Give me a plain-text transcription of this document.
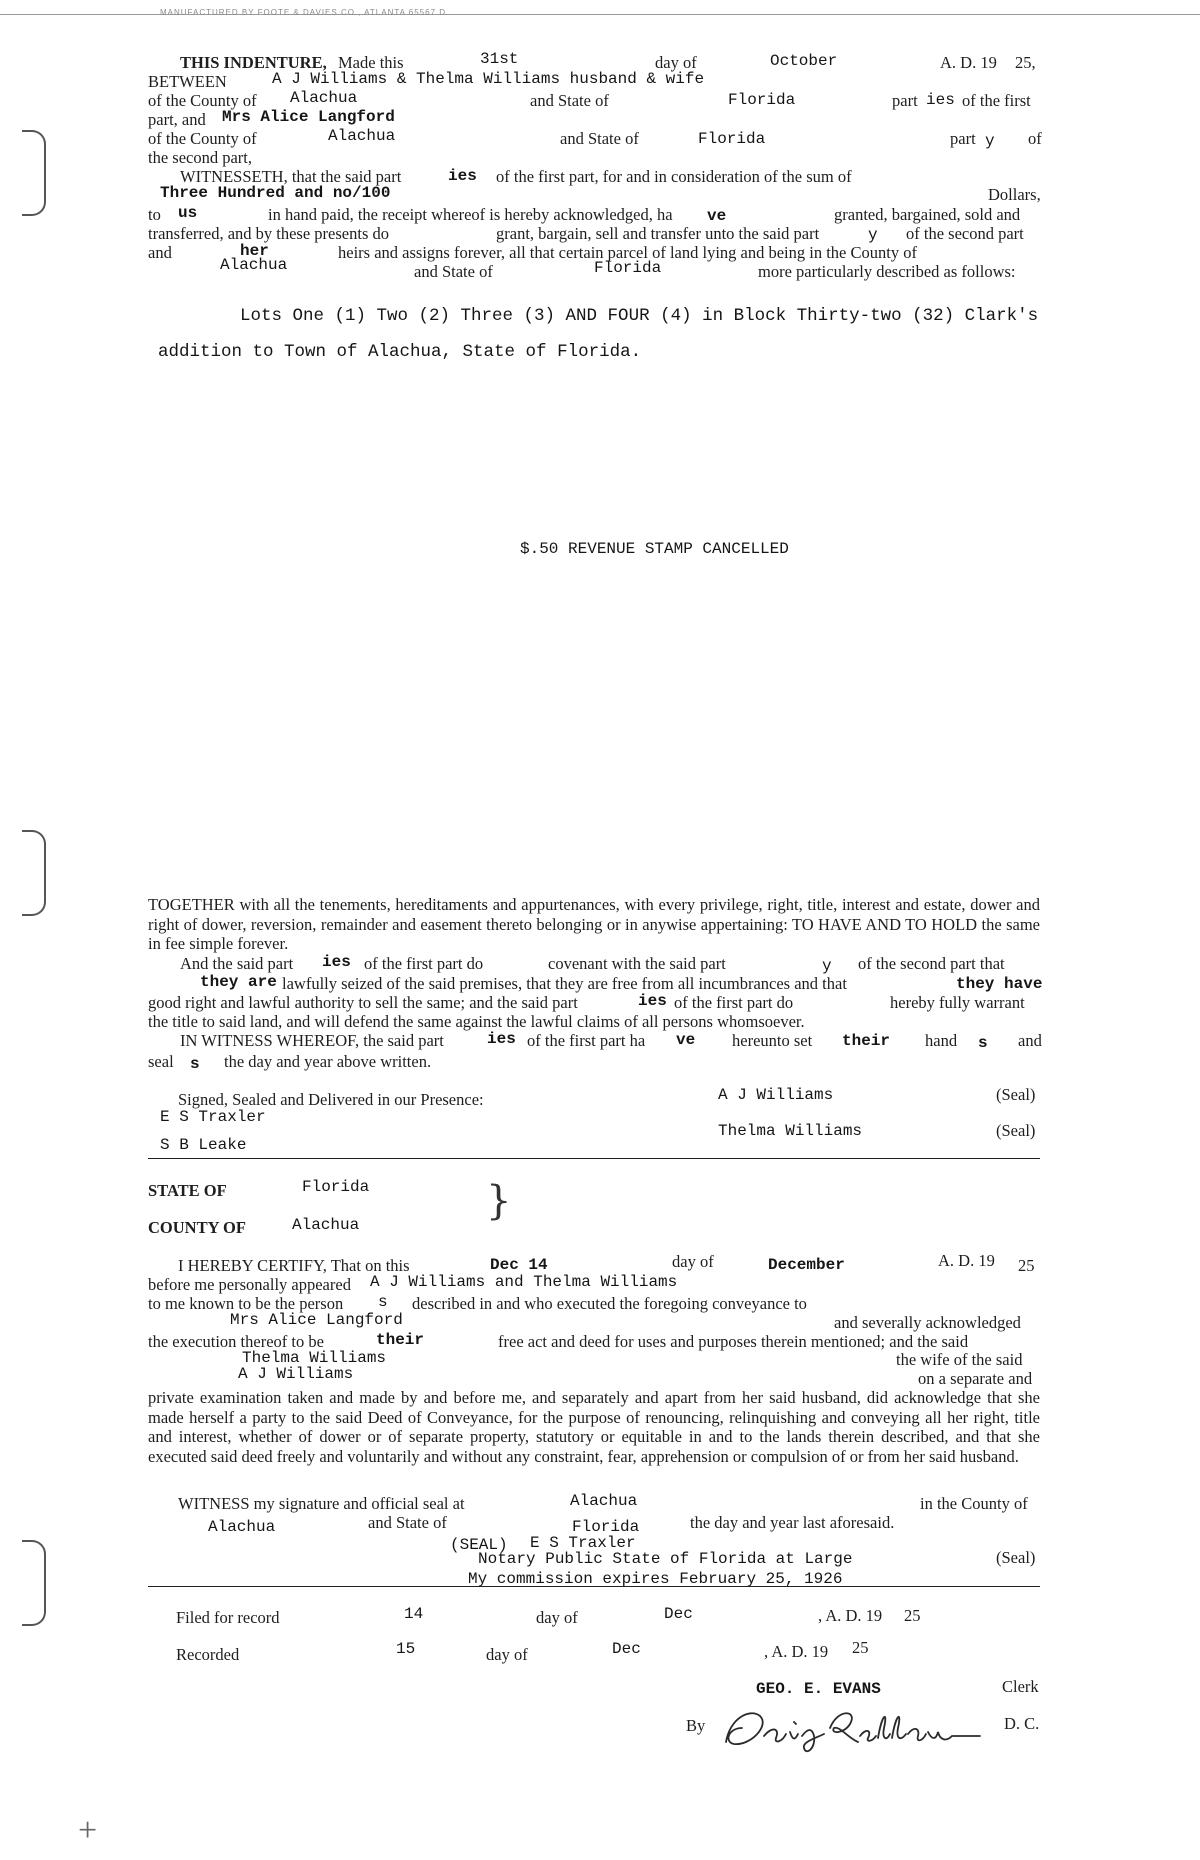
MANUFACTURED BY FOOTE & DAVIES CO., ATLANTA 65567 D
+
THIS INDENTURE, Made this	31st	day of	October	A. D. 19 25,
BETWEEN	A J Williams & Thelma Williams husband & wife
of the County of Alachua	and State of	Florida	part ies of the first
part, and Mrs Alice Langford
of the County of	Alachua	and State of	Florida	part y of
the second part,
WITNESSETH, that the said part	ies of the first part, for and in consideration of the sum of
Three Hundred and no/100	Dollars,
to us	in hand paid, the receipt whereof is hereby acknowledged, ha ve	granted, bargained, sold and
transferred, and by these presents do	grant, bargain, sell and transfer unto the said part	y of the second part
and	her	heirs and assigns forever, all that certain parcel of land lying and being in the County of
Alachua	and State of	Florida	more particularly described as follows:
Lots One (1) Two (2) Three (3) AND FOUR (4) in Block Thirty-two (32) Clark's
addition to Town of Alachua, State of Florida.
$.50 REVENUE STAMP CANCELLED
TOGETHER with all the tenements, hereditaments and appurtenances, with every privilege, right, title, interest and estate, dower and right of dower, reversion, remainder and easement thereto belonging or in anywise appertaining: TO HAVE AND TO HOLD the same in fee simple forever.
And the said part ies of the first part do	covenant with the said part	y of the second part that
they are lawfully seized of the said premises, that they are free from all incumbrances and that	they have
good right and lawful authority to sell the same; and the said part	ies of the first part do	hereby fully warrant
the title to said land, and will defend the same against the lawful claims of all persons whomsoever.
IN WITNESS WHEREOF, the said part	ies of the first part ha ve hereunto set their hand s and
seal s the day and year above written.
Signed, Sealed and Delivered in our Presence:
E S Traxler
S B Leake
A J Williams
Thelma Williams
(Seal)
(Seal)
STATE OF	Florida
COUNTY OF	Alachua
}
I HEREBY CERTIFY, That on this	Dec 14	day of	December	A. D. 19 25
before me personally appeared A J Williams and Thelma Williams
to me known to be the person s described in and who executed the foregoing conveyance to
Mrs Alice Langford	and severally acknowledged
the execution thereof to be	their	free act and deed for uses and purposes therein mentioned; and the said
Thelma Williams	the wife of the said
A J Williams	on a separate and
private examination taken and made by and before me, and separately and apart from her said husband, did acknowledge that she made herself a party to the said Deed of Conveyance, for the purpose of renouncing, relinquishing and conveying all her right, title and interest, whether of dower or of separate property, statutory or equitable in and to the lands therein described, and that she executed said deed freely and voluntarily and without any constraint, fear, apprehension or compulsion of or from her said husband.
WITNESS my signature and official seal at	Alachua	in the County of
Alachua	and State of	Florida	the day and year last aforesaid.
(SEAL) E S Traxler
Notary Public State of Florida at Large	(Seal)
My commission expires February 25, 1926
Filed for record	14	day of	Dec	, A. D. 19 25
Recorded	15	day of	Dec	, A. D. 19 25
GEO. E. EVANS	Clerk
By	D. C.
